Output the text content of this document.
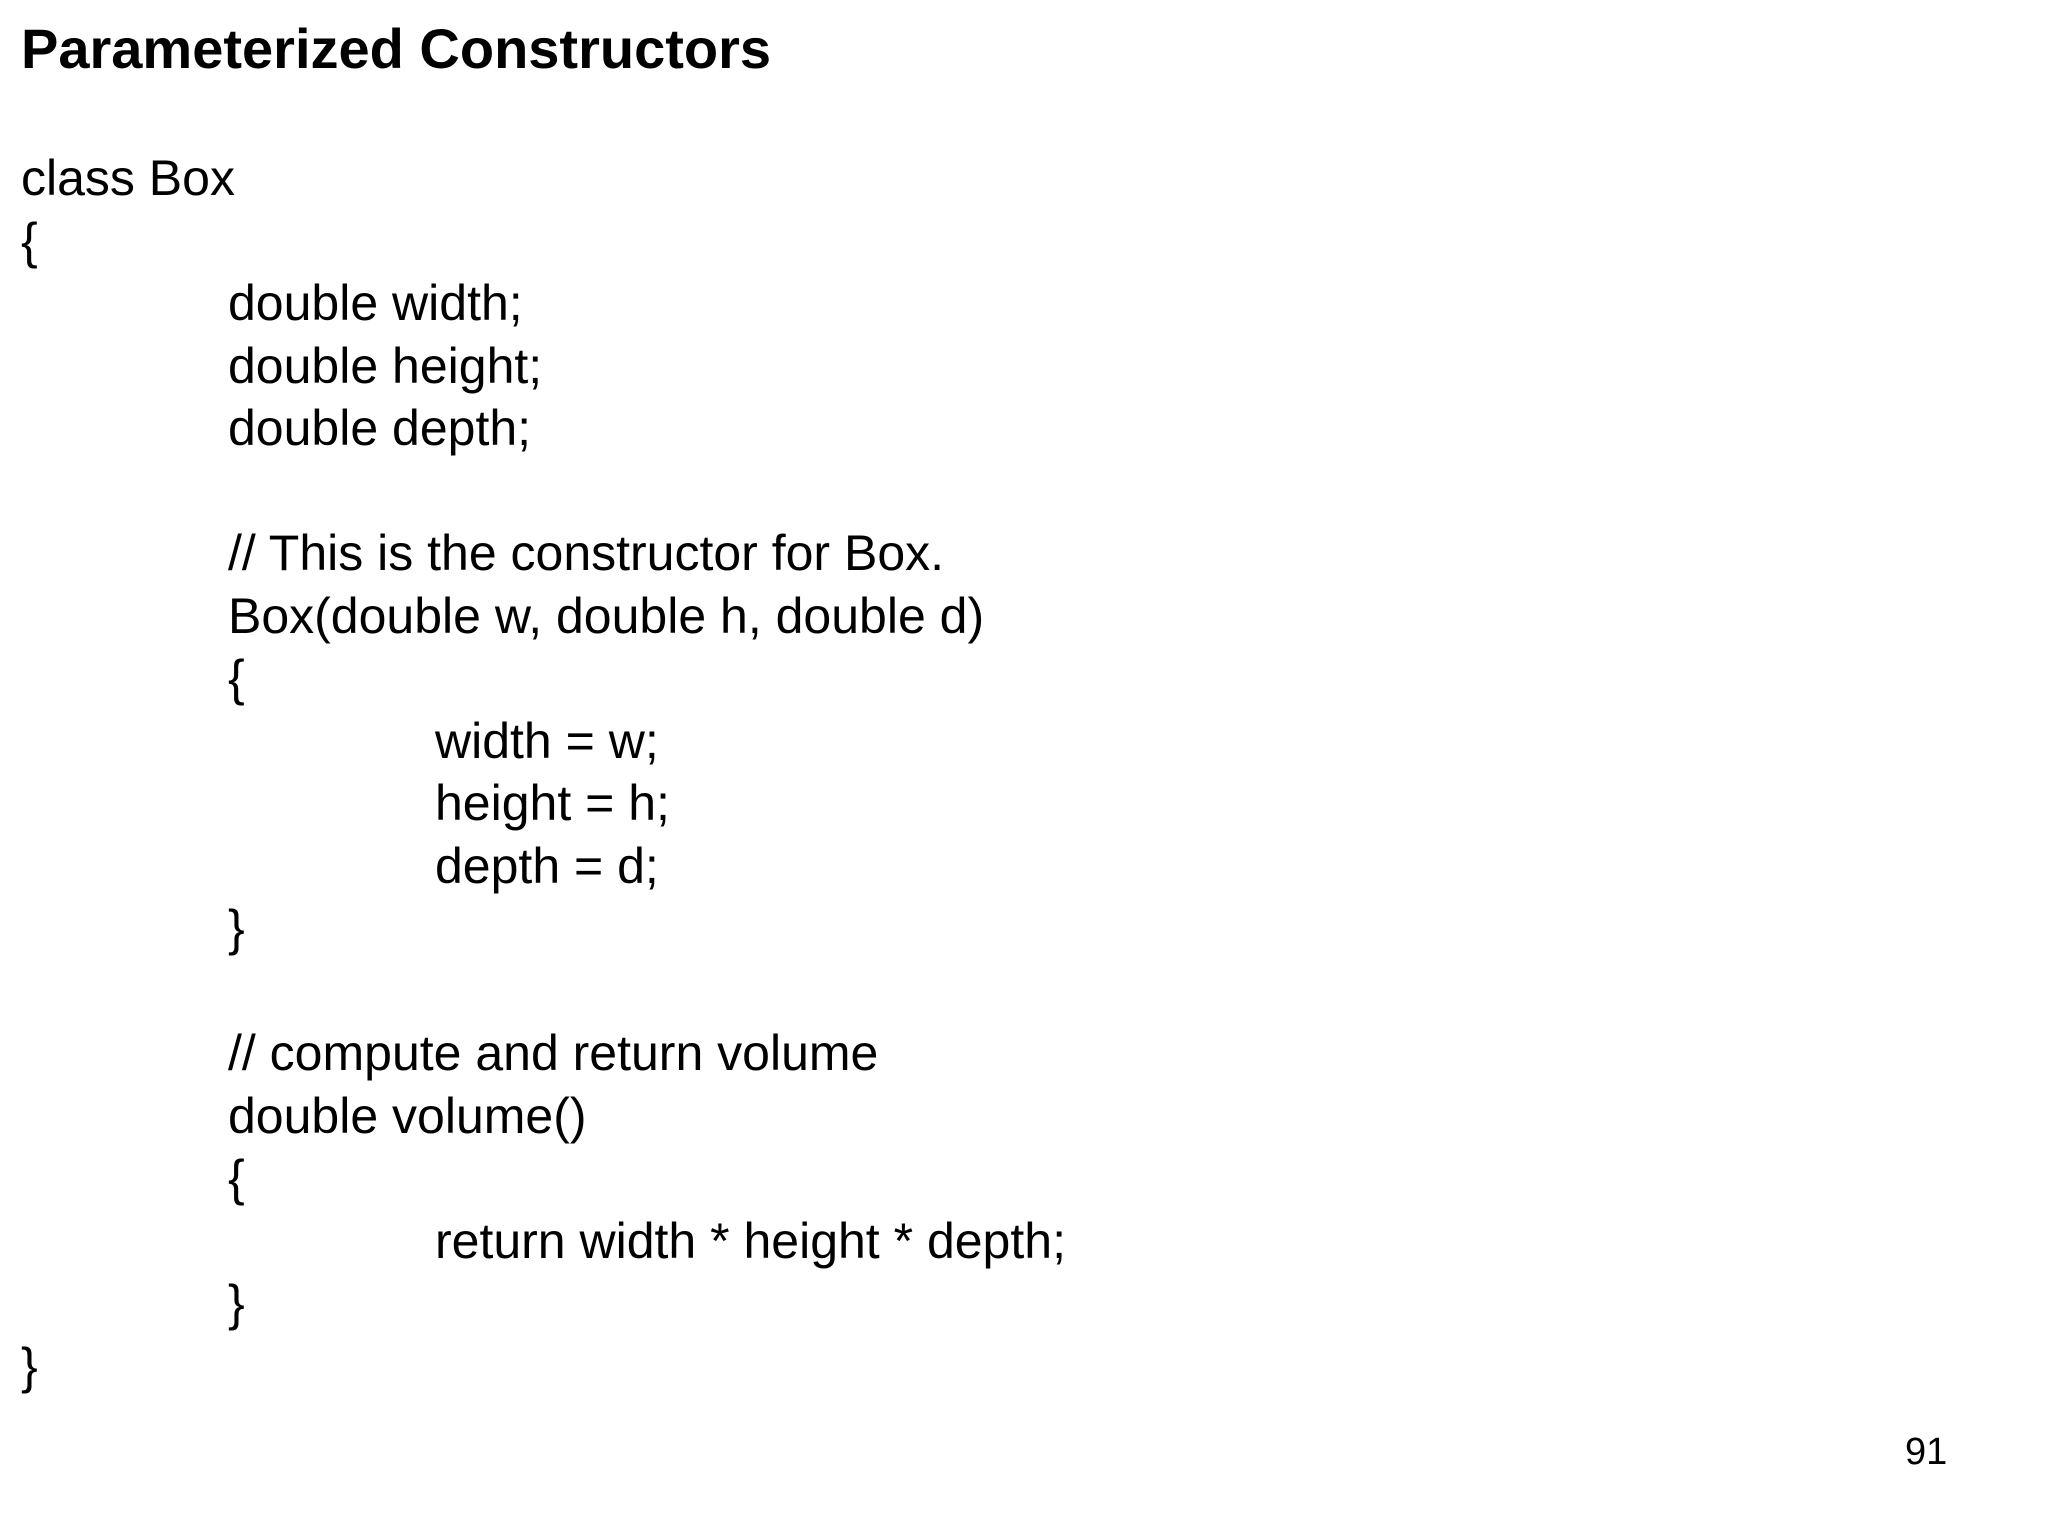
Parameterized Constructors
class Box
{
double width;
double height;
double depth;
// This is the constructor for Box.
Box(double w, double h, double d)
{
width = w;
height = h;
depth = d;
}
// compute and return volume
double volume()
{
return width * height * depth;
}
}
91
